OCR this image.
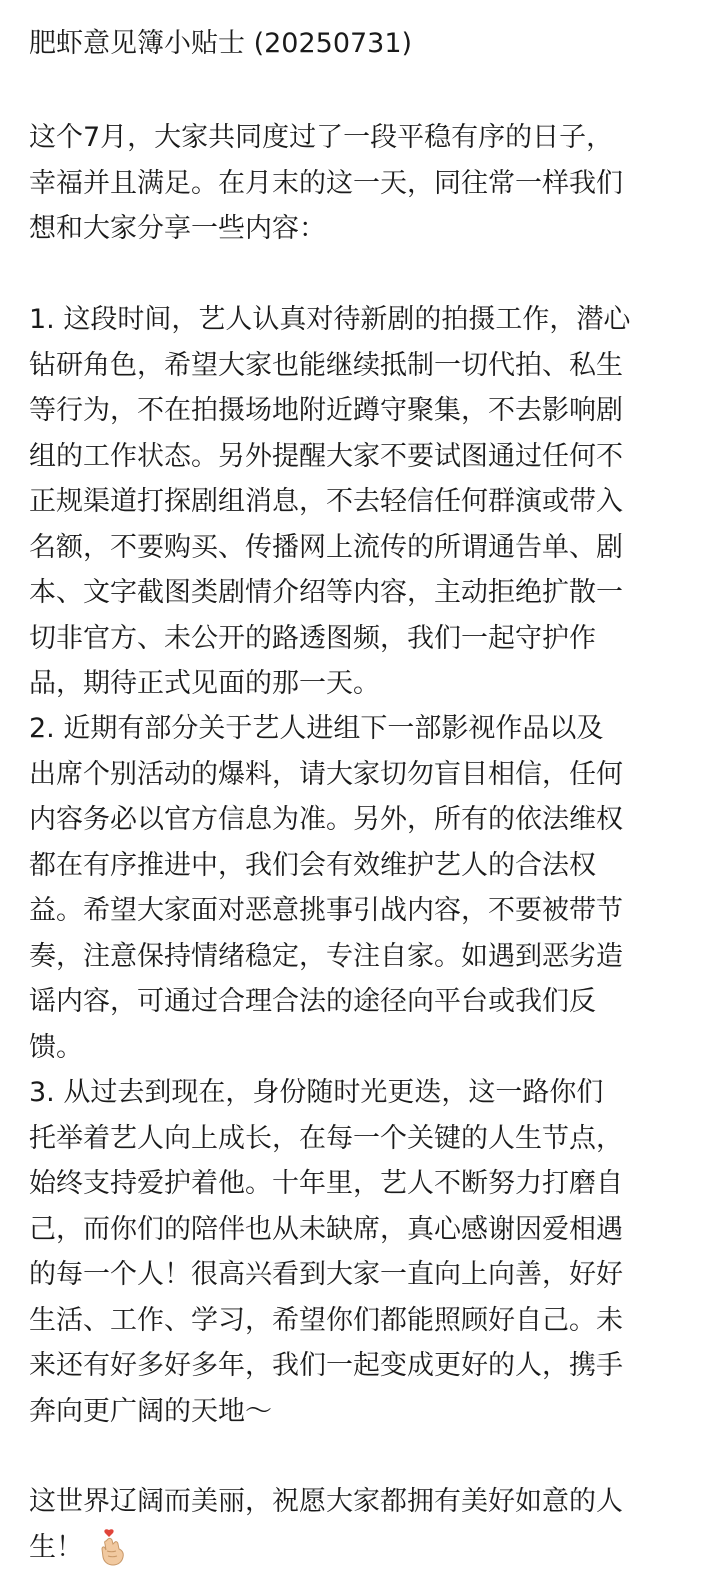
肥虾意见簿小贴士 (20250731)
这个7月，大家共同度过了一段平稳有序的日子，
幸福并且满足。在月末的这一天，同往常一样我们
想和大家分享一些内容：
1. 这段时间，艺人认真对待新剧的拍摄工作，潜心
钻研角色，希望大家也能继续抵制一切代拍、私生
等行为，不在拍摄场地附近蹲守聚集，不去影响剧
组的工作状态。另外提醒大家不要试图通过任何不
正规渠道打探剧组消息，不去轻信任何群演或带入
名额，不要购买、传播网上流传的所谓通告单、剧
本、文字截图类剧情介绍等内容，主动拒绝扩散一
切非官方、未公开的路透图频，我们一起守护作
品，期待正式见面的那一天。
2. 近期有部分关于艺人进组下一部影视作品以及
出席个别活动的爆料，请大家切勿盲目相信，任何
内容务必以官方信息为准。另外，所有的依法维权
都在有序推进中，我们会有效维护艺人的合法权
益。希望大家面对恶意挑事引战内容，不要被带节
奏，注意保持情绪稳定，专注自家。如遇到恶劣造
谣内容，可通过合理合法的途径向平台或我们反
馈。
3. 从过去到现在，身份随时光更迭，这一路你们
托举着艺人向上成长，在每一个关键的人生节点，
始终支持爱护着他。十年里，艺人不断努力打磨自
己，而你们的陪伴也从未缺席，真心感谢因爱相遇
的每一个人！很高兴看到大家一直向上向善，好好
生活、工作、学习，希望你们都能照顾好自己。未
来还有好多好多年，我们一起变成更好的人，携手
奔向更广阔的天地～
这世界辽阔而美丽，祝愿大家都拥有美好如意的人
生！
